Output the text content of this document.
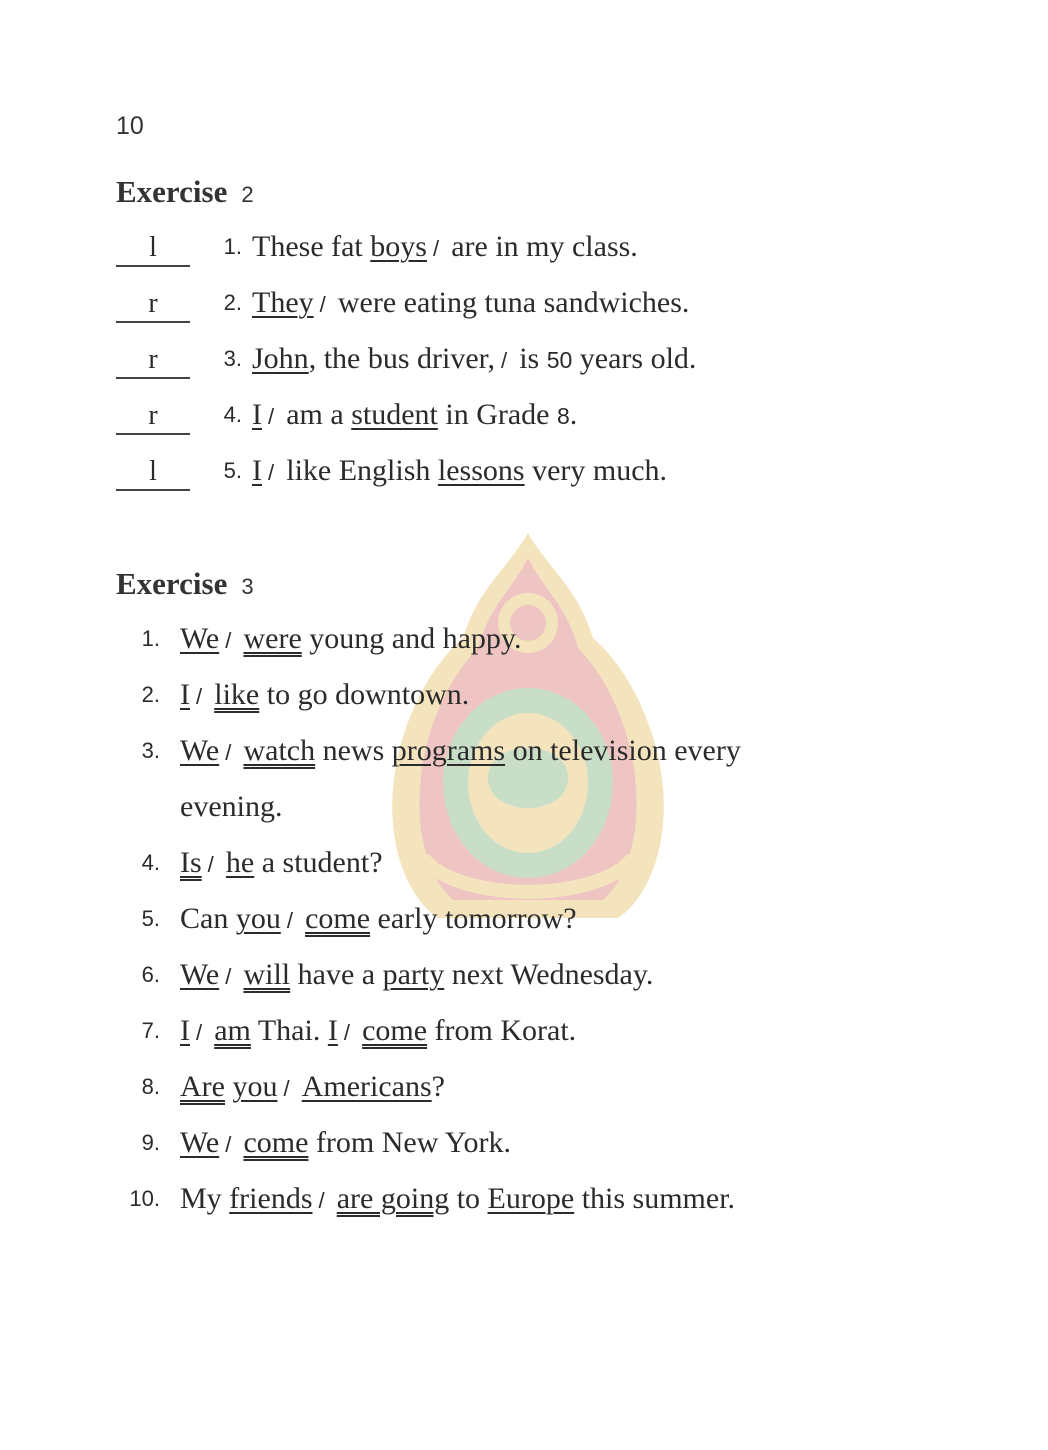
10
Exercise 2
l	1. These fat boys / are in my class.
r	2. They / were eating tuna sandwiches.
r	3. John, the bus driver, / is 50 years old.
r	4. I / am a student in Grade 8.
l	5. I / like English lessons very much.
Exercise 3
1. We / were young and happy.
2. I / like to go downtown.
3. We / watch news programs on television every
evening.
4. Is / he a student?
5. Can you / come early tomorrow?
6. We / will have a party next Wednesday.
7. I / am Thai. I / come from Korat.
8. Are you / Americans?
9. We / come from New York.
10. My friends / are going to Europe this summer.
